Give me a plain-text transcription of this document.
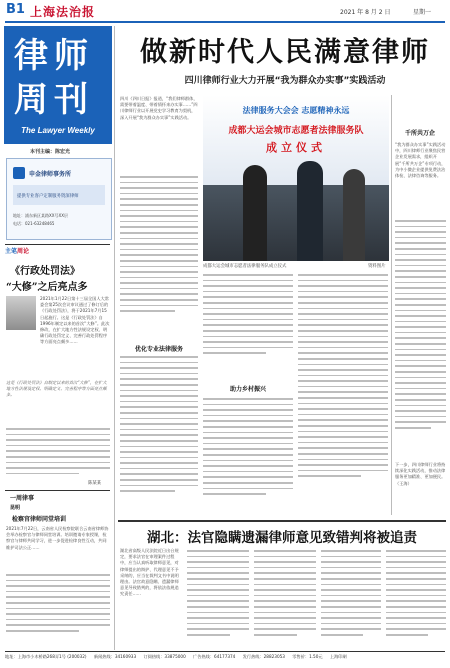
B1 上海法治报	2021 年 8 月 2 日	星期一
律师
周刊
The Lawyer Weekly
本刊主编：陈宏光
申金律师事务所
提供专业客户定制服务资深律师
地址：浦东新区某路XX号XX层
电话：021-63248465
主笔周论
《行政处罚法》
“大修”之后亮点多
2021年1月22日第十三届全国人大常委会第25次会议审议通过了修订后的《行政处罚法》，将于2021年7月15日起施行。这是《行政处罚法》自1996年制定以来的首次“大修”。此次修改，在扩大地方性法规设定权、明确行政处罚定义、完善行政处罚程序等方面亮点颇多……
这是《行政处罚法》自制定以来的首次“大修”，在扩大地方性法规设定权、明确定义、完善程序等方面亮点颇多。
陈某某
一周律事
昆明
检察官律师同堂培训
2021年7月22日，云南省人民检察院联合云南省律师协会举办检察官与律师同堂培训。培训邀请专家授课，检察官与律师共同学习，进一步促进检律良性互动，共同维护司法公正……
做新时代人民满意律师
四川律师行业大力开展“我为群众办实事”实践活动
四川《四川日报》报道，“我们律师群体，需要带着温度、带着情怀来办实事……”四川律师行业以开展党史学习教育为契机，深入开展“我为群众办实事”实践活动。
法律服务大会会 志愿精神永远
成都大运会城市志愿者法律服务队
成立仪式
成都大运会城市志愿者法律服务队成立仪式	资料图片
优化专业法律服务
助力乡村振兴
千所共万企
“我为群众办实事”实践活动中，四川律师行业聚焦民营企业发展需求，组织开展“千所共万企”专项行动，为中小微企业提供免费法治体检、法律咨询等服务。
下一步，四川律师行业将持续深化实践活动，推动法律服务更加精准、更加便民。（王海）
湖北：法官隐瞒遗漏律师意见致错判将被追责
湖北省高级人民法院近日出台规定，要求法官在审理案件过程中，应当认真听取律师意见，对律师提出的辩护、代理意见不予采纳的，应当在裁判文书中说明理由。法官故意隐瞒、遗漏律师意见导致错判的，将依法依规追究责任……
地址：上海市小木桥路268弄1号 (200032) 新闻热线：34160933 订阅热线：33875000 广告热线：64177374 发行热线：28823053 零售价：1.50元 上海印刷
